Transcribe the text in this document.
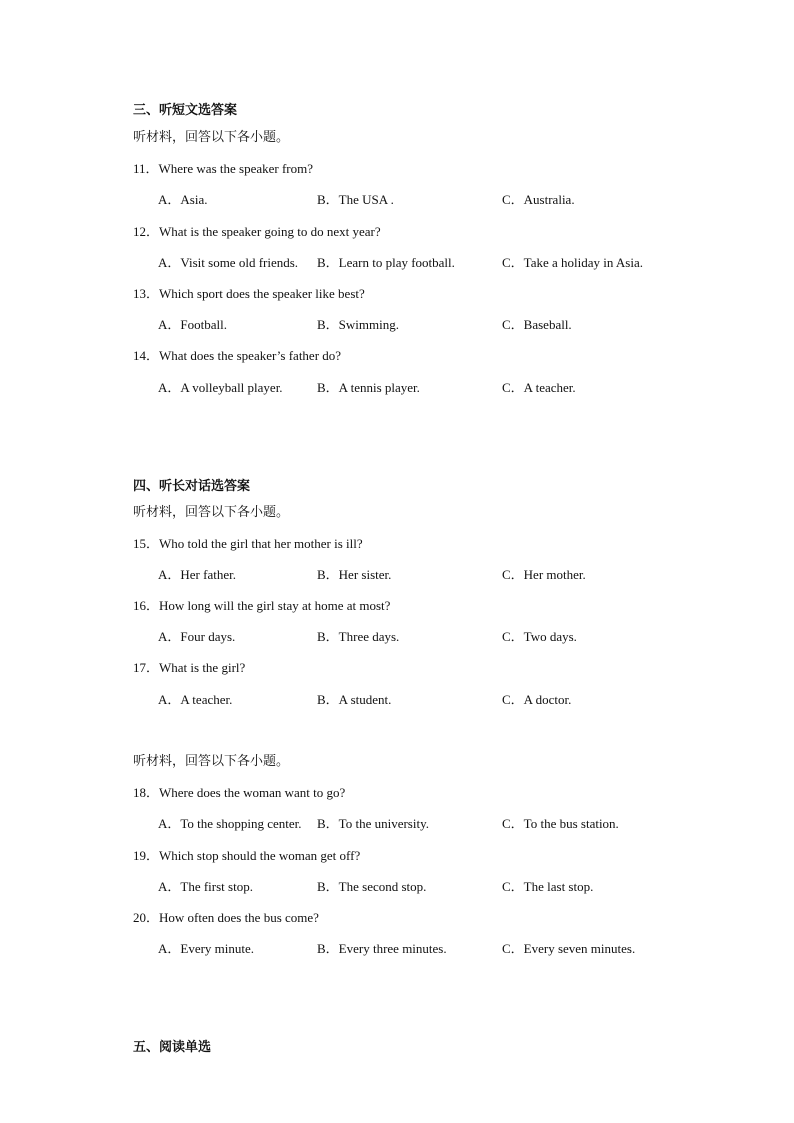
三、听短文选答案
听材料，回答以下各小题。
11．Where was the speaker from?
A．Asia.	B．The USA .	C．Australia.
12．What is the speaker going to do next year?
A．Visit some old friends. B．Learn to play football.	C．Take a holiday in Asia.
13．Which sport does the speaker like best?
A．Football.	B．Swimming.	C．Baseball.
14．What does the speaker’s father do?
A．A volleyball player.	B．A tennis player.	C．A teacher.
四、听长对话选答案
听材料，回答以下各小题。
15．Who told the girl that her mother is ill?
A．Her father.	B．Her sister.	C．Her mother.
16．How long will the girl stay at home at most?
A．Four days.	B．Three days.	C．Two days.
17．What is the girl?
A．A teacher.	B．A student.	C．A doctor.
听材料，回答以下各小题。
18．Where does the woman want to go?
A．To the shopping center. B．To the university.	C．To the bus station.
19．Which stop should the woman get off?
A．The first stop.	B．The second stop.	C．The last stop.
20．How often does the bus come?
A．Every minute.	B．Every three minutes.	C．Every seven minutes.
五、阅读单选
